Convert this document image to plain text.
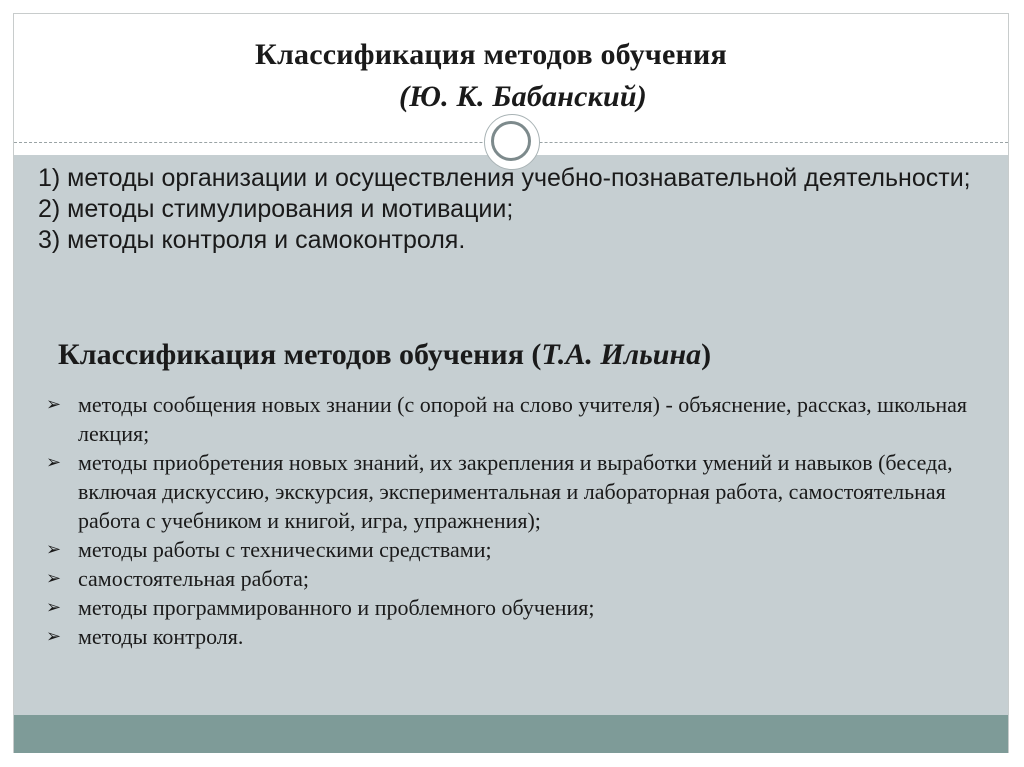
Классификация методов обучения
(Ю. К. Бабанский)

1) методы организации и осуществления учебно-познавательной деятельности;

2) методы стимулирования и мотивации;

3) методы контроля и самоконтроля.

Классификация методов обучения (Т.А. Ильина)
➢ методы сообщения новых знании (с опорой на слово учителя) - объяснение, рассказ, школьная лекция;
➢ методы приобретения новых знаний, их закрепления и выработки умений и навыков (беседа, включая дискуссию, экскурсия, экспериментальная и лабораторная работа, самостоятельная работа с учебником и книгой, игра, упражнения);
➢ методы работы с техническими средствами;
➢ самостоятельная работа;
➢ методы программированного и проблемного обучения;
➢ методы контроля.
